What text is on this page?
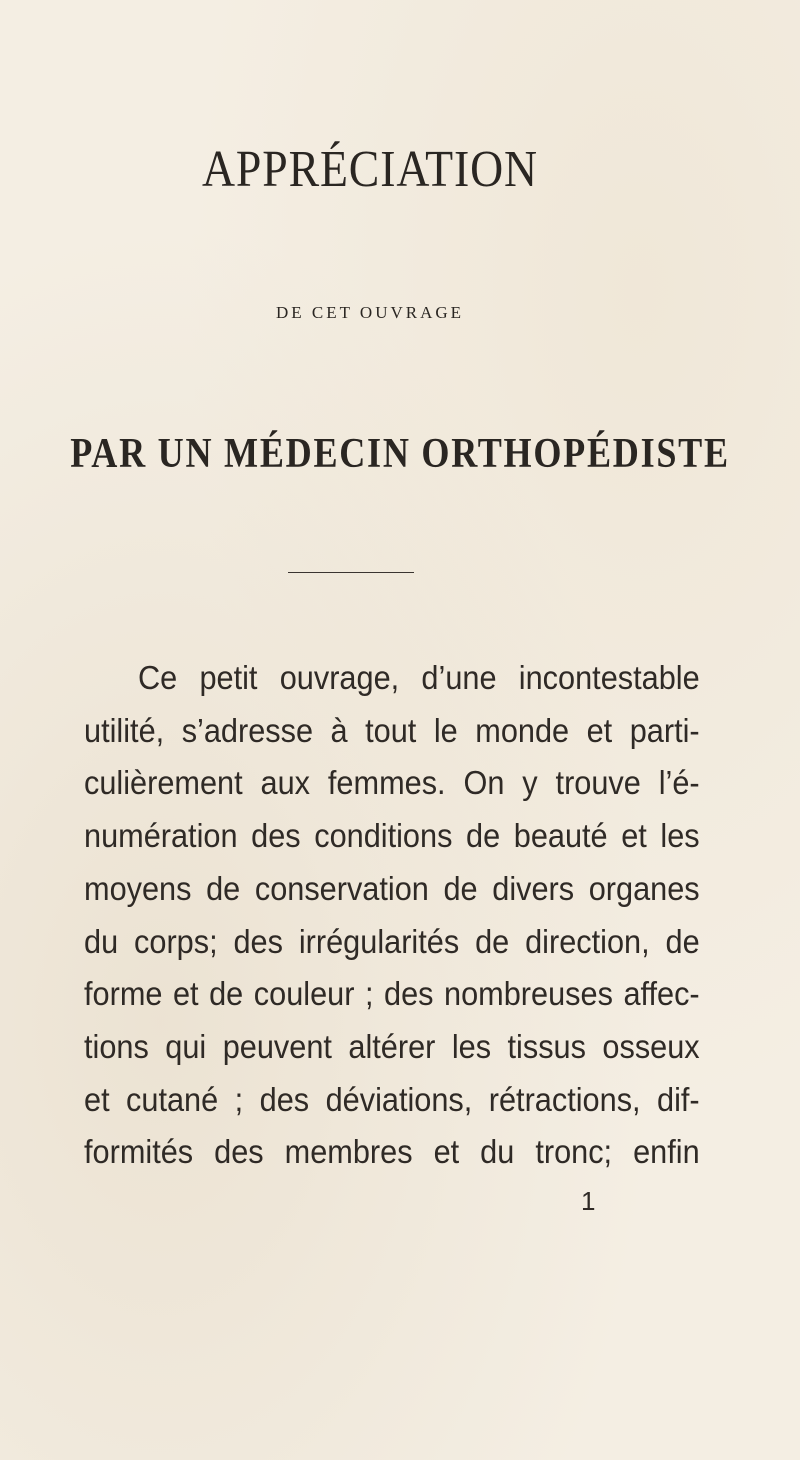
APPRÉCIATION
DE CET OUVRAGE
PAR UN MÉDECIN ORTHOPÉDISTE
Ce petit ouvrage, d’une incontestable
utilité, s’adresse à tout le monde et parti-
culièrement aux femmes. On y trouve l’é-
numération des conditions de beauté et les
moyens de conservation de divers organes
du corps; des irrégularités de direction, de
forme et de couleur ; des nombreuses affec-
tions qui peuvent altérer les tissus osseux
et cutané ; des déviations, rétractions, dif-
formités des membres et du tronc; enfin
1
